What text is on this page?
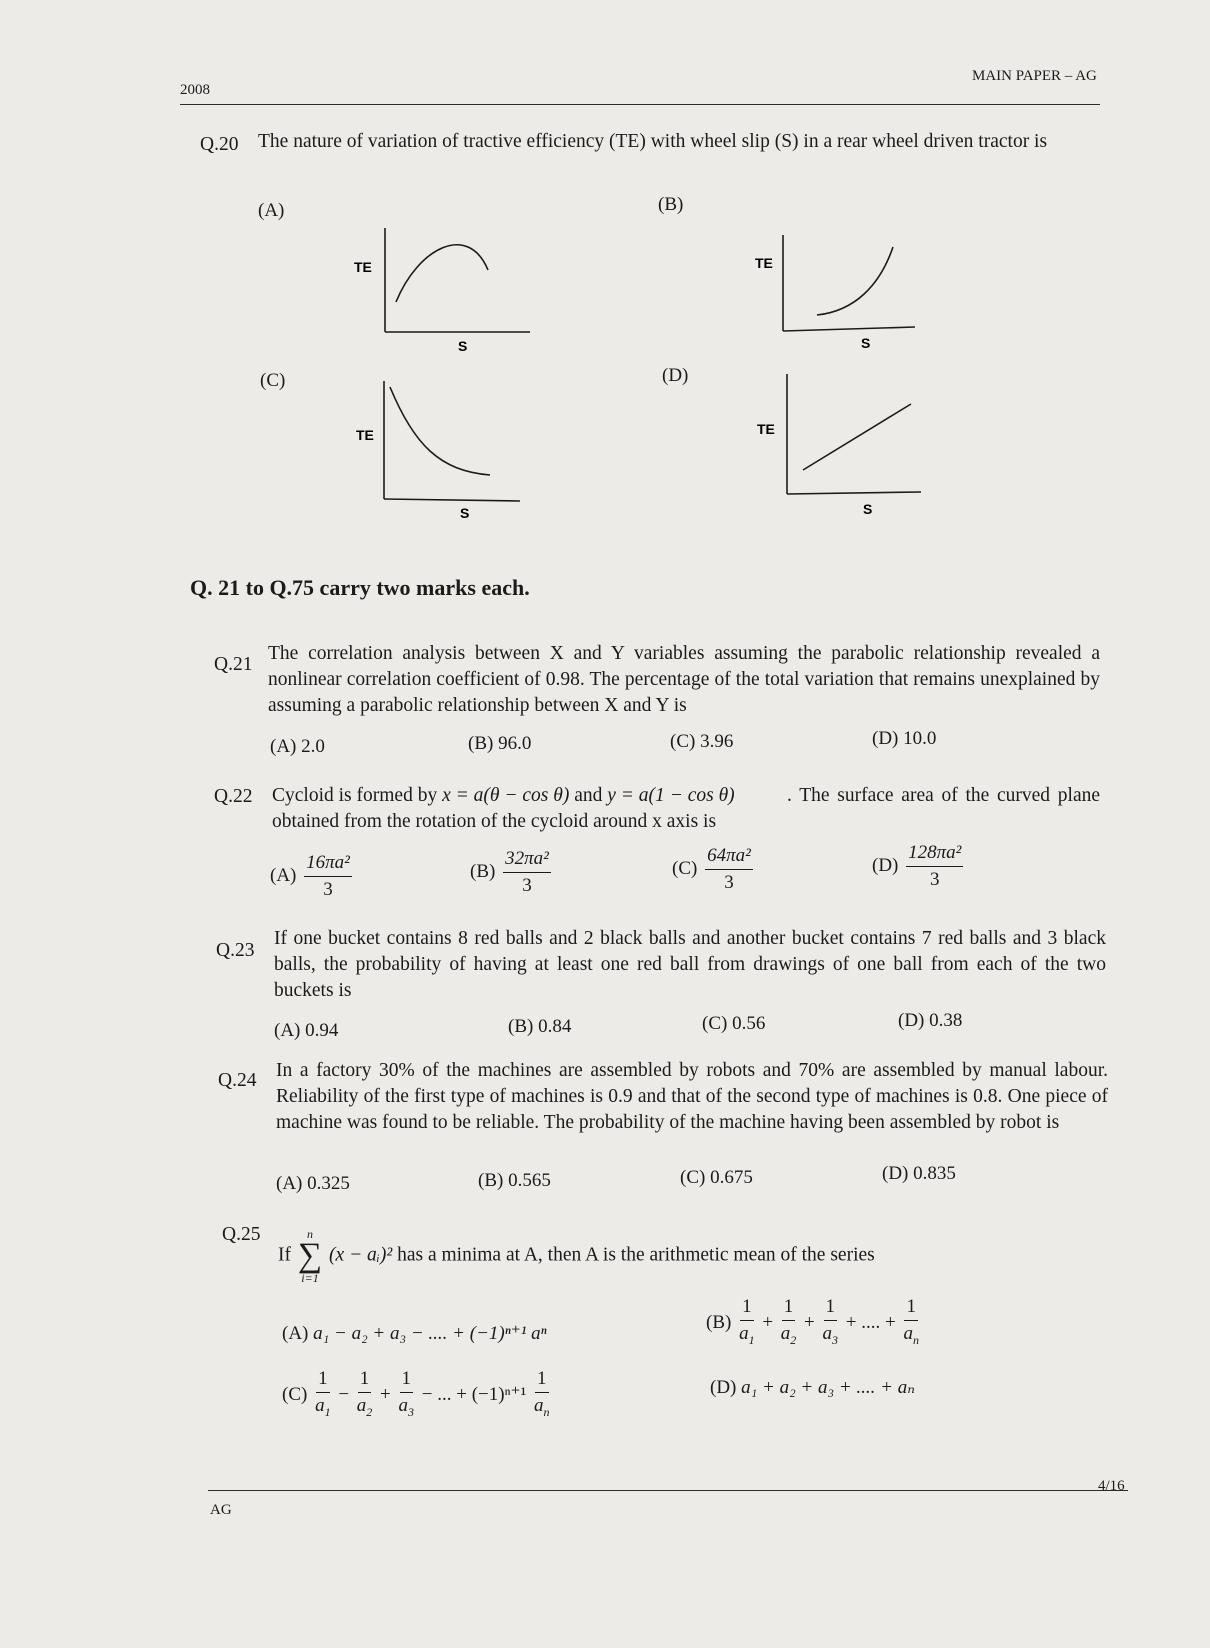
2008
MAIN PAPER – AG
Q.20 The nature of variation of tractive efficiency (TE) with wheel slip (S) in a rear wheel driven tractor is
(A)	(B)
(C)	(D)
TE
S
TE
S
TE
S
TE
S
Q. 21 to Q.75 carry two marks each.
Q.21
The correlation analysis between X and Y variables assuming the parabolic relationship revealed a nonlinear correlation coefficient of 0.98. The percentage of the total variation that remains unexplained by assuming a parabolic relationship between X and Y is
(A) 2.0	(B) 96.0	(C) 3.96	(D) 10.0
Q.22 Cycloid is formed by x = a(θ − cos θ) and y = a(1 − cos θ)	. The surface area of the curved plane obtained from the rotation of the cycloid around x axis is
$(A) \frac{\text{16πa²}}{3}$	$(B) \frac{\text{32πa²}}{3}$	$(C) \frac{\text{64πa²}}{3}$	$(D) \frac{\text{128πa²}}{3}$
Q.23
If one bucket contains 8 red balls and 2 black balls and another bucket contains 7 red balls and 3 black balls, the probability of having at least one red ball from drawings of one ball from each of the two buckets is
(A) 0.94	(B) 0.84	(C) 0.56	(D) 0.38
Q.24 In a factory 30% of the machines are assembled by robots and 70% are assembled by manual labour. Reliability of the first type of machines is 0.9 and that of the second type of machines is 0.8. One piece of machine was found to be reliable. The probability of the machine having been assembled by robot is
(A) 0.325	(B) 0.565	(C) 0.675	(D) 0.835
Q.25
If
n
∑
i=1
(x − aᵢ)² has a minima at A, then A is the arithmetic mean of the series
(A) a₁ − a₂ + a₃ − .... + (−1)ⁿ⁺¹ aⁿ
$(B) \frac{1}{a_1} + \frac{1}{a_2} + \frac{1}{a_3}$ + .... + $\frac{1}{a_n}$
$(C) \frac{1}{a_1} - \frac{1}{a_2} + \frac{1}{a_3}$ − ... + $(-1)^{n+1} \frac{1}{a_n}$	(D) a₁ + a₂ + a₃ + .... + aₙ
AG
4/16
